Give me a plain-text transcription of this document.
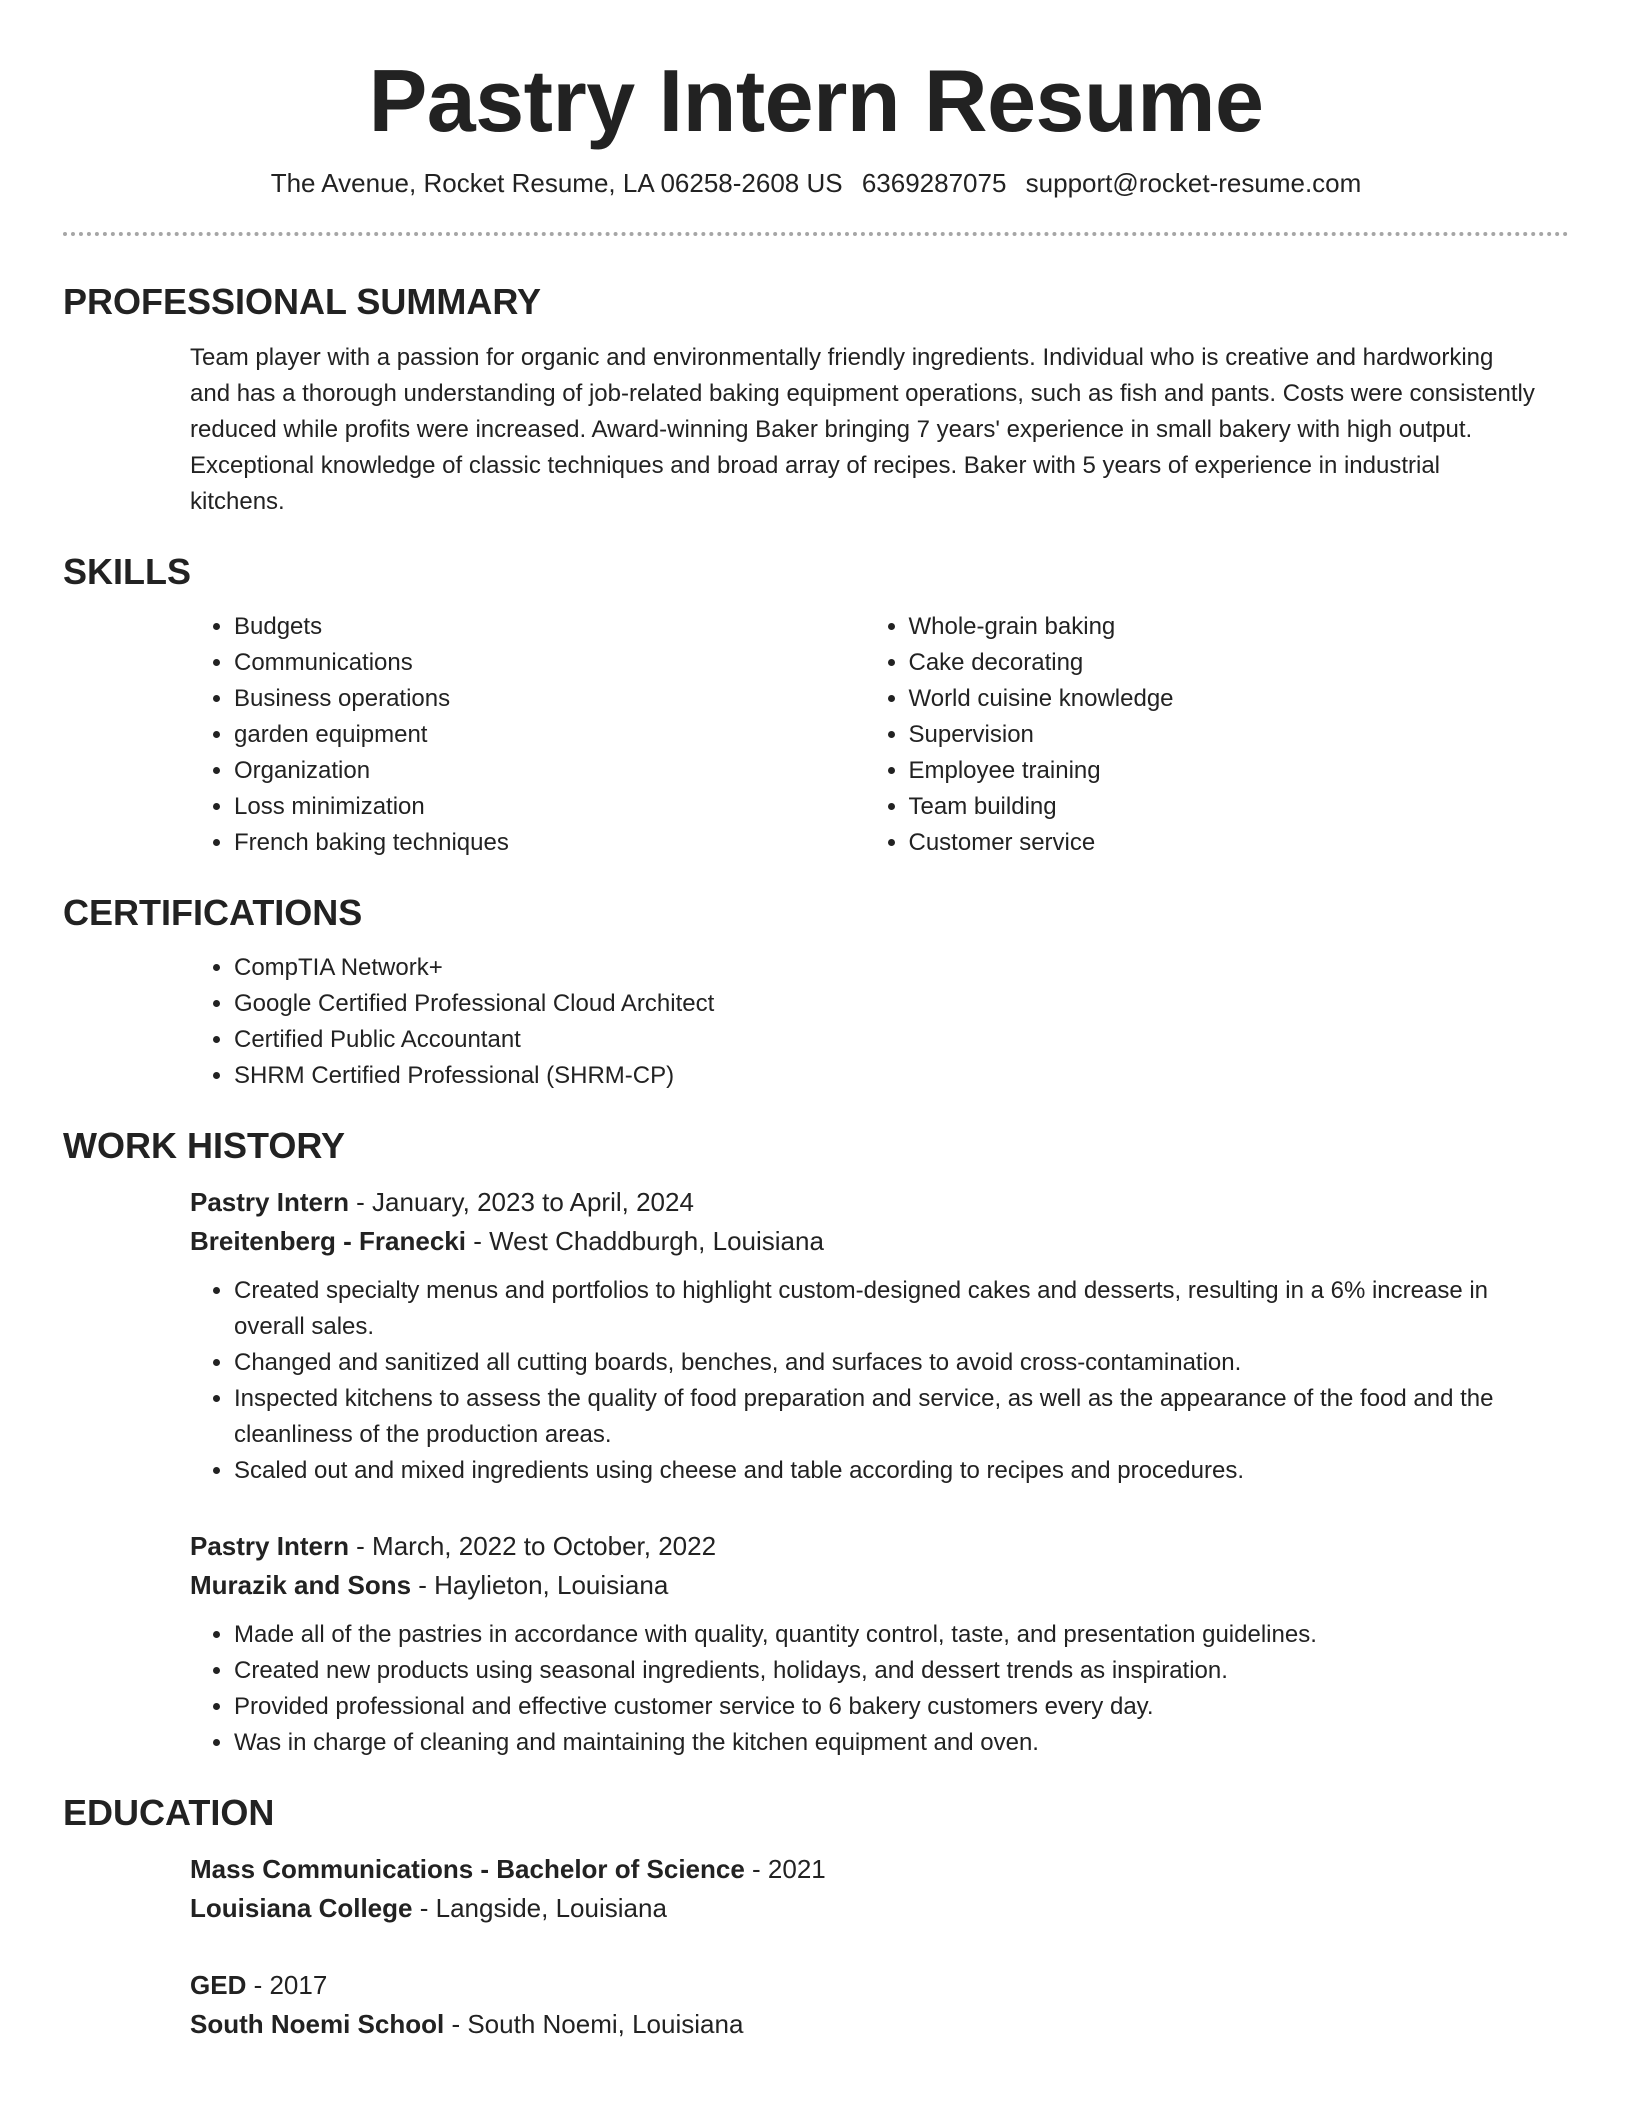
Pastry Intern Resume
The Avenue, Rocket Resume, LA 06258-2608 US 6369287075 support@rocket-resume.com
PROFESSIONAL SUMMARY

Team player with a passion for organic and environmentally friendly ingredients. Individual who is creative and hardworking and has a thorough understanding of job-related baking equipment operations, such as fish and pants. Costs were consistently reduced while profits were increased. Award-winning Baker bringing 7 years' experience in small bakery with high output. Exceptional knowledge of classic techniques and broad array of recipes. Baker with 5 years of experience in industrial kitchens.

SKILLS
• Budgets
• Communications
• Business operations
• garden equipment
• Organization
• Loss minimization
• French baking techniques
• Whole-grain baking
• Cake decorating
• World cuisine knowledge
• Supervision
• Employee training
• Team building
• Customer service
CERTIFICATIONS
• CompTIA Network+
• Google Certified Professional Cloud Architect
• Certified Public Accountant
• SHRM Certified Professional (SHRM-CP)
WORK HISTORY
Pastry Intern - January, 2023 to April, 2024
Breitenberg - Franecki - West Chaddburgh, Louisiana
• Created specialty menus and portfolios to highlight custom-designed cakes and desserts, resulting in a 6% increase in overall sales.
• Changed and sanitized all cutting boards, benches, and surfaces to avoid cross-contamination.
• Inspected kitchens to assess the quality of food preparation and service, as well as the appearance of the food and the cleanliness of the production areas.
• Scaled out and mixed ingredients using cheese and table according to recipes and procedures.
Pastry Intern - March, 2022 to October, 2022
Murazik and Sons - Haylieton, Louisiana
• Made all of the pastries in accordance with quality, quantity control, taste, and presentation guidelines.
• Created new products using seasonal ingredients, holidays, and dessert trends as inspiration.
• Provided professional and effective customer service to 6 bakery customers every day.
• Was in charge of cleaning and maintaining the kitchen equipment and oven.
EDUCATION
Mass Communications - Bachelor of Science - 2021
Louisiana College - Langside, Louisiana
GED - 2017
South Noemi School - South Noemi, Louisiana
